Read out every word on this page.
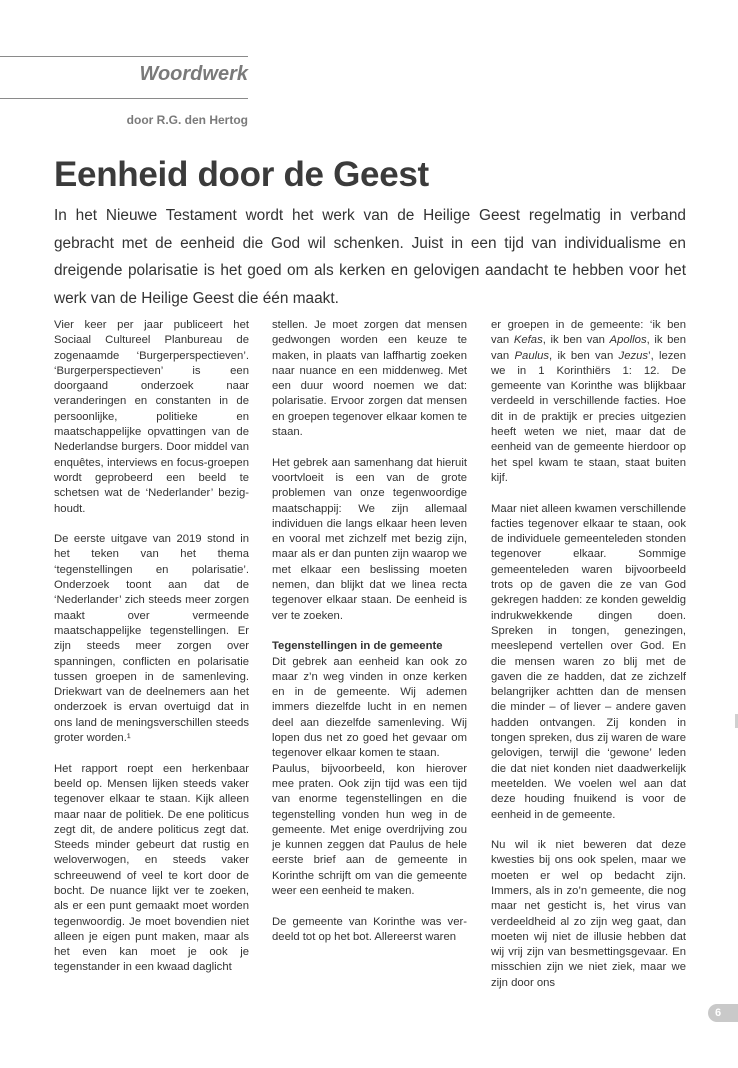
Woordwerk
door R.G. den Hertog
Eenheid door de Geest

In het Nieuwe Testament wordt het werk van de Heilige Geest regelmatig in verband gebracht met de eenheid die God wil schenken. Juist in een tijd van individualisme en dreigende polarisatie is het goed om als kerken en gelovigen aandacht te hebben voor het werk van de Heilige Geest die één maakt.

Vier keer per jaar publiceert het Sociaal Cultureel Planbureau de zogenaamde ‘Burgerperspectieven’. ‘Burgerperspectieven’ is een doorgaand onderzoek naar veranderingen en constanten in de persoonlijke, politieke en maatschappelijke opvattingen van de Nederlandse burgers. Door middel van enquêtes, interviews en focus-groepen wordt geprobeerd een beeld te schetsen wat de ‘Nederlander’ bezig-houdt.

De eerste uitgave van 2019 stond in het teken van het thema ‘tegenstellingen en polarisatie’. Onderzoek toont aan dat de ‘Nederlander’ zich steeds meer zorgen maakt over vermeende maatschappelijke tegenstellingen. Er zijn steeds meer zorgen over spanningen, conflicten en polarisatie tussen groepen in de samenleving. Driekwart van de deelnemers aan het onderzoek is ervan overtuigd dat in ons land de meningsverschillen steeds groter worden.¹

Het rapport roept een herkenbaar beeld op. Mensen lijken steeds vaker tegenover elkaar te staan. Kijk alleen maar naar de politiek. De ene politicus zegt dit, de andere politicus zegt dat. Steeds minder gebeurt dat rustig en weloverwogen, en steeds vaker schreeuwend of veel te kort door de bocht. De nuance lijkt ver te zoeken, als er een punt gemaakt moet worden tegenwoordig. Je moet bovendien niet alleen je eigen punt maken, maar als het even kan moet je ook je tegenstander in een kwaad daglicht

stellen. Je moet zorgen dat mensen gedwongen worden een keuze te maken, in plaats van laffhartig zoeken naar nuance en een middenweg. Met een duur woord noemen we dat: polarisatie. Ervoor zorgen dat mensen en groepen tegenover elkaar komen te staan.

Het gebrek aan samenhang dat hieruit voortvloeit is een van de grote problemen van onze tegenwoordige maatschappij: We zijn allemaal individuen die langs elkaar heen leven en vooral met zichzelf met bezig zijn, maar als er dan punten zijn waarop we met elkaar een beslissing moeten nemen, dan blijkt dat we linea recta tegenover elkaar staan. De eenheid is ver te zoeken.

Tegenstellingen in de gemeente

Dit gebrek aan eenheid kan ook zo maar z’n weg vinden in onze kerken en in de gemeente. Wij ademen immers diezelfde lucht in en nemen deel aan diezelfde samenleving. Wij lopen dus net zo goed het gevaar om tegenover elkaar komen te staan.

Paulus, bijvoorbeeld, kon hierover mee praten. Ook zijn tijd was een tijd van enorme tegenstellingen en die tegenstelling vonden hun weg in de gemeente. Met enige overdrijving zou je kunnen zeggen dat Paulus de hele eerste brief aan de gemeente in Korinthe schrijft om van die gemeente weer een eenheid te maken.

De gemeente van Korinthe was ver-deeld tot op het bot. Allereerst waren

er groepen in de gemeente: ‘ik ben van Kefas, ik ben van Apollos, ik ben van Paulus, ik ben van Jezus’, lezen we in 1 Korinthiërs 1: 12. De gemeente van Korinthe was blijkbaar verdeeld in verschillende facties. Hoe dit in de praktijk er precies uitgezien heeft weten we niet, maar dat de eenheid van de gemeente hierdoor op het spel kwam te staan, staat buiten kijf.

Maar niet alleen kwamen verschillende facties tegenover elkaar te staan, ook de individuele gemeenteleden stonden tegenover elkaar. Sommige gemeenteleden waren bijvoorbeeld trots op de gaven die ze van God gekregen hadden: ze konden geweldig indrukwekkende dingen doen. Spreken in tongen, genezingen, meeslepend vertellen over God. En die mensen waren zo blij met de gaven die ze hadden, dat ze zichzelf belangrijker achtten dan de mensen die minder – of liever – andere gaven hadden ontvangen. Zij konden in tongen spreken, dus zij waren de ware gelovigen, terwijl die ‘gewone’ leden die dat niet konden niet daadwerkelijk meetelden. We voelen wel aan dat deze houding fnuikend is voor de eenheid in de gemeente.

Nu wil ik niet beweren dat deze kwesties bij ons ook spelen, maar we moeten er wel op bedacht zijn. Immers, als in zo’n gemeente, die nog maar net gesticht is, het virus van verdeeldheid al zo zijn weg gaat, dan moeten wij niet de illusie hebben dat wij vrij zijn van besmettingsgevaar. En misschien zijn we niet ziek, maar we zijn door ons

6
